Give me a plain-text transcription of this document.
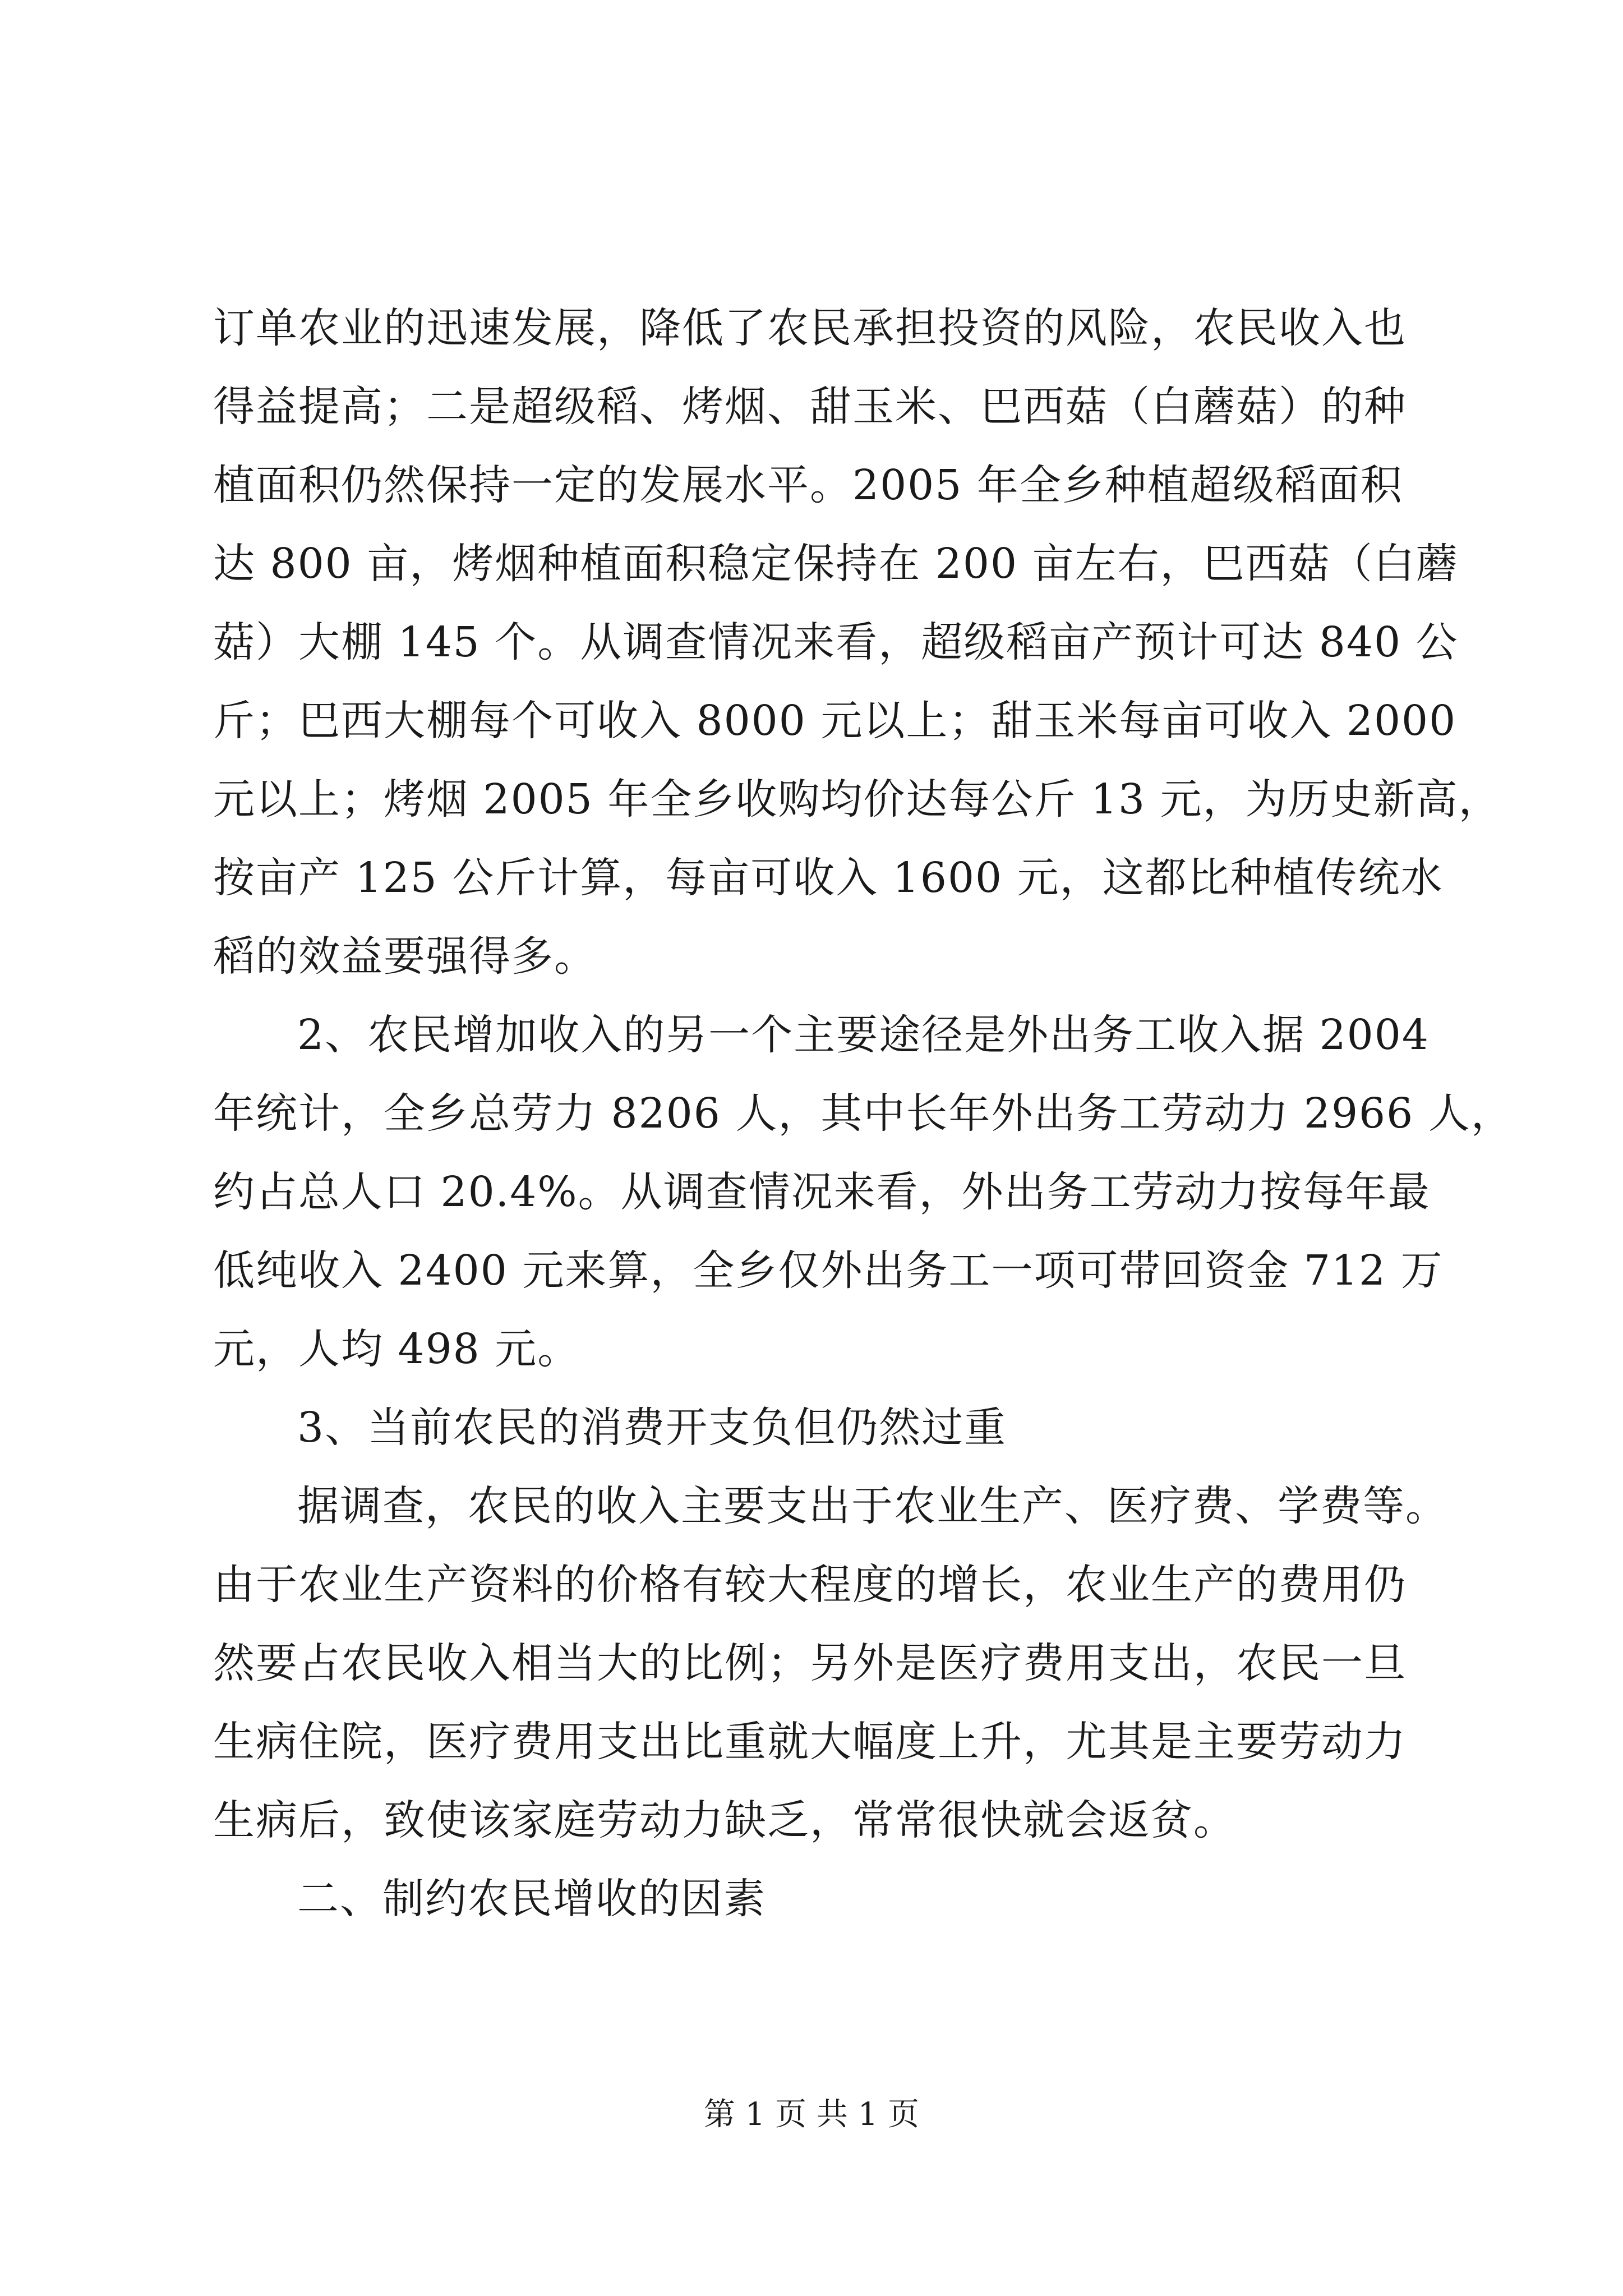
订单农业的迅速发展，降低了农民承担投资的风险，农民收入也
得益提高；二是超级稻、烤烟、甜玉米、巴西菇（白蘑菇）的种
植面积仍然保持一定的发展水平。2005 年全乡种植超级稻面积
达 800 亩，烤烟种植面积稳定保持在 200 亩左右，巴西菇（白蘑
菇）大棚 145 个。从调查情况来看，超级稻亩产预计可达 840 公
斤；巴西大棚每个可收入 8000 元以上；甜玉米每亩可收入 2000
元以上；烤烟 2005 年全乡收购均价达每公斤 13 元，为历史新高，
按亩产 125 公斤计算，每亩可收入 1600 元，这都比种植传统水
稻的效益要强得多。
2、农民增加收入的另一个主要途径是外出务工收入据 2004
年统计，全乡总劳力 8206 人，其中长年外出务工劳动力 2966 人，
约占总人口 20.4%。从调查情况来看，外出务工劳动力按每年最
低纯收入 2400 元来算，全乡仅外出务工一项可带回资金 712 万
元，人均 498 元。
3、当前农民的消费开支负但仍然过重
据调查，农民的收入主要支出于农业生产、医疗费、学费等。
由于农业生产资料的价格有较大程度的增长，农业生产的费用仍
然要占农民收入相当大的比例；另外是医疗费用支出，农民一旦
生病住院，医疗费用支出比重就大幅度上升，尤其是主要劳动力
生病后，致使该家庭劳动力缺乏，常常很快就会返贫。
二、制约农民增收的因素
第 1 页 共 1 页
